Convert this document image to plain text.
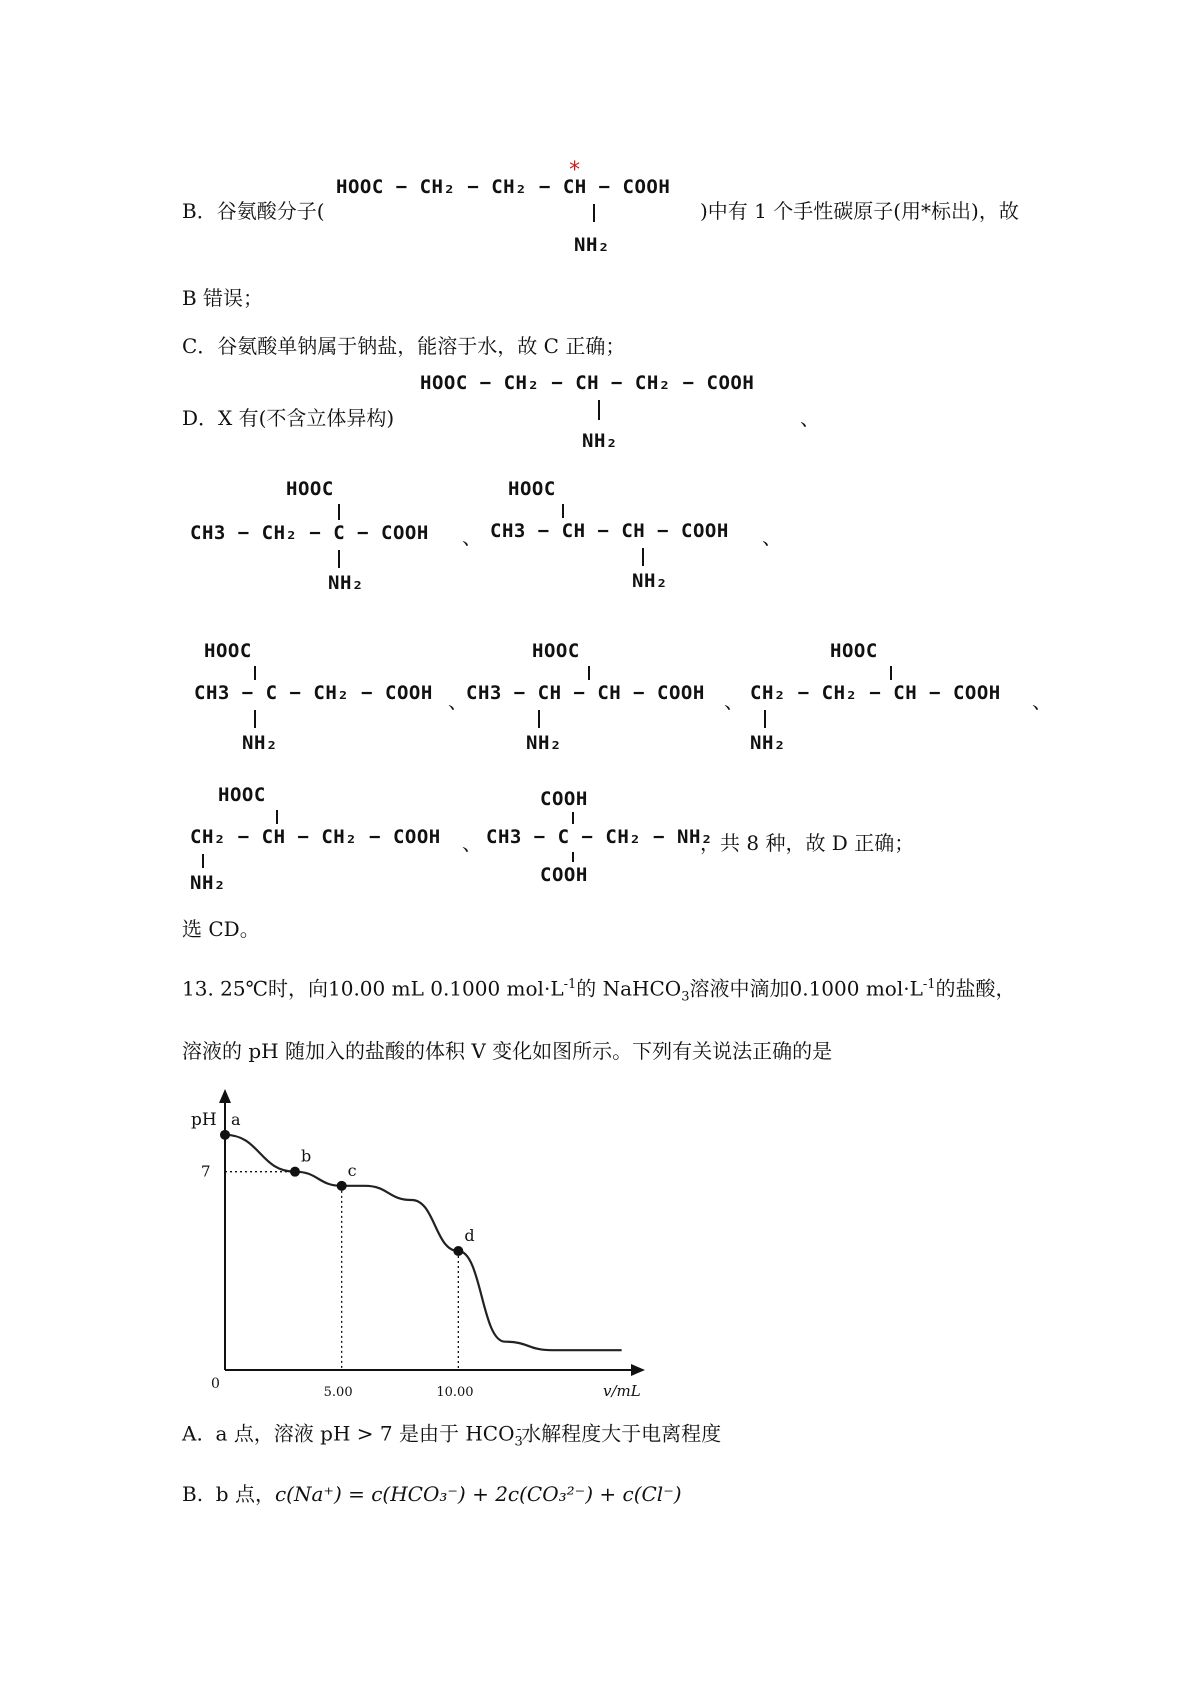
B．谷氨酸分子(
HOOC − CH₂ − CH₂ − CH − COOH
*
NH₂
)中有 1 个手性碳原子(用*标出)，故
B 错误；
C．谷氨酸单钠属于钠盐，能溶于水，故 C 正确；
D．X 有(不含立体异构)
HOOC − CH₂ − CH − CH₂ − COOH
NH₂
、
HOOC
CH3 − CH₂ − C − COOH
NH₂
、
HOOC
CH3 − CH − CH − COOH
NH₂
、
HOOC
CH3 − C − CH₂ − COOH
NH₂
、
HOOC
CH3 − CH − CH − COOH
NH₂
、
HOOC
CH₂ − CH₂ − CH − COOH
NH₂
、
HOOC
CH₂ − CH − CH₂ − COOH
NH₂
、
COOH
CH3 − C − CH₂ − NH₂
COOH
，共 8 种，故 D 正确；
选 CD。
13. 25℃时，向10.00 mL 0.1000 $mol\cdot L^{-1}$的 NaHCO$_3$溶液中滴加0.1000 $mol\cdot L^{-1}$的盐酸，
溶液的 pH 随加入的盐酸的体积 V 变化如图所示。下列有关说法正确的是
pH
v/mL
0
7
5.00	10.00
a
b
c
d
A. a 点，溶液 pH > 7 是由于 $HCO_3^-$水解程度大于电离程度
B. b 点，c(Na⁺) = c(HCO₃⁻) + 2c(CO₃²⁻) + c(Cl⁻)
